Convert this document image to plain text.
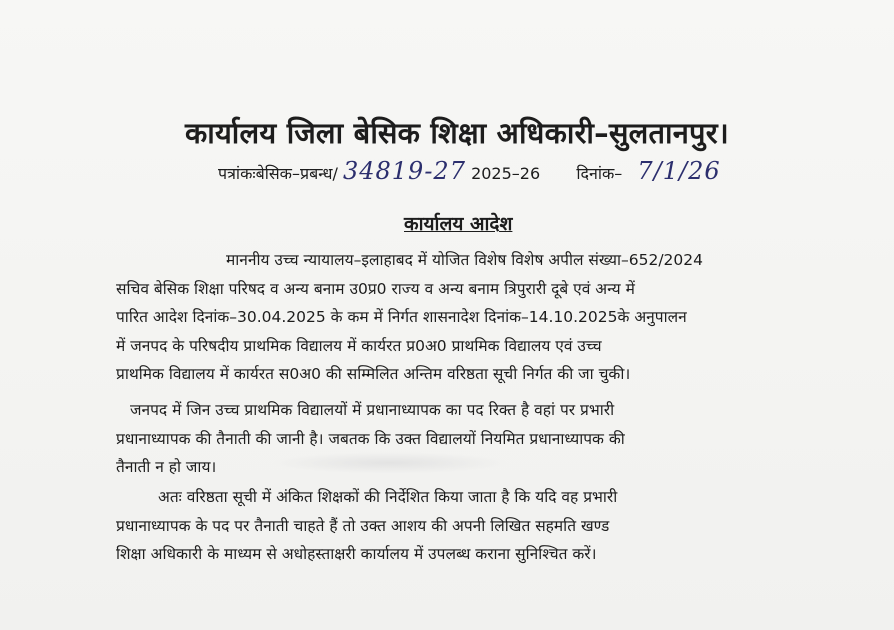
कार्यालय जिला बेसिक शिक्षा अधिकारी–सुलतानपुर।
पत्रांकःबेसिक–प्रबन्ध/ 34819-27 2025–26 दिनांक– 7/1/26
कार्यालय आदेश
माननीय उच्च न्यायालय–इलाहाबद में योजित विशेष विशेष अपील संख्या–652/2024
सचिव बेसिक शिक्षा परिषद व अन्य बनाम उ0प्र0 राज्य व अन्य बनाम त्रिपुरारी दूबे एवं अन्य में
पारित आदेश दिनांक–30.04.2025 के कम में निर्गत शासनादेश दिनांक–14.10.2025के अनुपालन
में जनपद के परिषदीय प्राथमिक विद्यालय में कार्यरत प्र0अ0 प्राथमिक विद्यालय एवं उच्च
प्राथमिक विद्यालय में कार्यरत स0अ0 की सम्मिलित अन्तिम वरिष्ठता सूची निर्गत की जा चुकी।
जनपद में जिन उच्च प्राथमिक विद्यालयों में प्रधानाध्यापक का पद रिक्त है वहां पर प्रभारी
प्रधानाध्यापक की तैनाती की जानी है। जबतक कि उक्त विद्यालयों नियमित प्रधानाध्यापक की
तैनाती न हो जाय।
अतः वरिष्ठता सूची में अंकित शिक्षकों की निर्देशित किया जाता है कि यदि वह प्रभारी
प्रधानाध्यापक के पद पर तैनाती चाहते हैं तो उक्त आशय की अपनी लिखित सहमति खण्ड
शिक्षा अधिकारी के माध्यम से अधोहस्ताक्षरी कार्यालय में उपलब्ध कराना सुनिश्चित करें।
